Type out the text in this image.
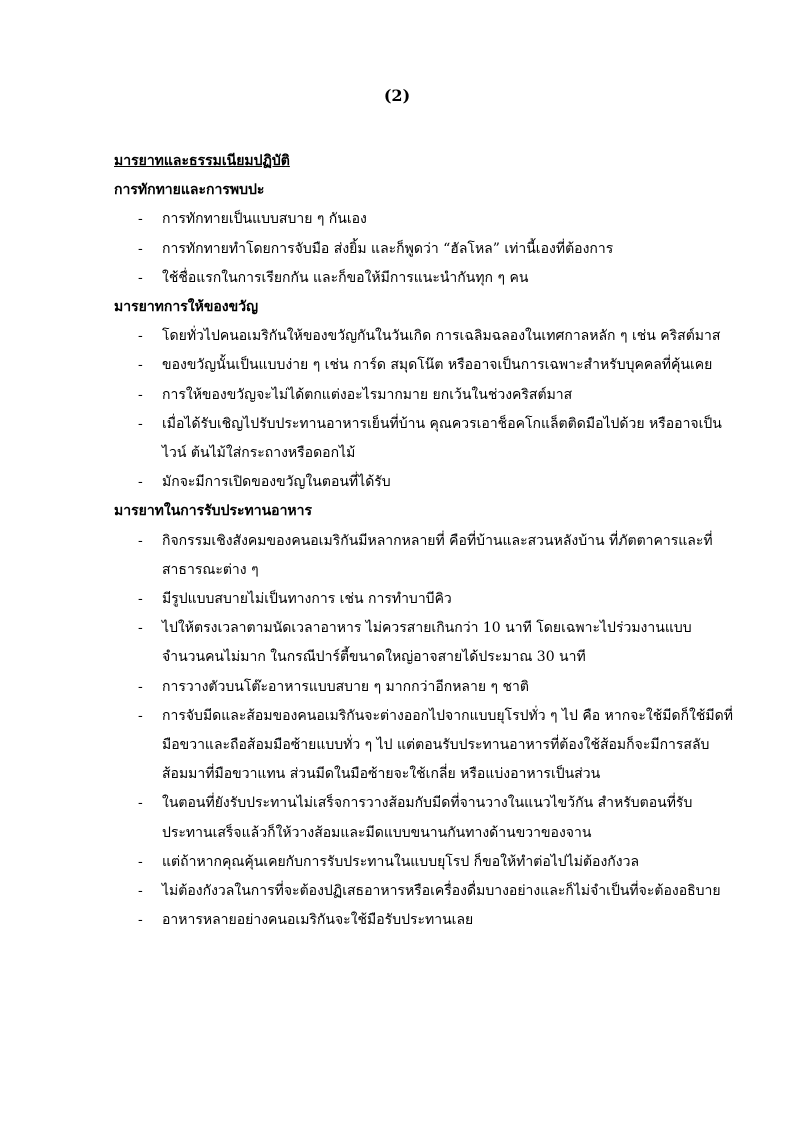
(2)
มารยาทและธรรมเนียมปฏิบัติ
การทักทายและการพบปะ
- การทักทายเป็นแบบสบาย ๆ กันเอง
- การทักทายทำโดยการจับมือ ส่งยิ้ม และก็พูดว่า “ฮัลโหล” เท่านี้เองที่ต้องการ
- ใช้ชื่อแรกในการเรียกกัน และก็ขอให้มีการแนะนำกันทุก ๆ คน
มารยาทการให้ของขวัญ
- โดยทั่วไปคนอเมริกันให้ของขวัญกันในวันเกิด การเฉลิมฉลองในเทศกาลหลัก ๆ เช่น คริสต์มาส
- ของขวัญนั้นเป็นแบบง่าย ๆ เช่น การ์ด สมุดโน๊ต หรืออาจเป็นการเฉพาะสำหรับบุคคลที่คุ้นเคย
- การให้ของขวัญจะไม่ได้ตกแต่งอะไรมากมาย ยกเว้นในช่วงคริสต์มาส
- เมื่อได้รับเชิญไปรับประทานอาหารเย็นที่บ้าน คุณควรเอาช็อคโกแล็ตติดมือไปด้วย หรืออาจเป็นไวน์ ต้นไม้ใส่กระถางหรือดอกไม้
- มักจะมีการเปิดของขวัญในตอนที่ได้รับ
มารยาทในการรับประทานอาหาร
- กิจกรรมเชิงสังคมของคนอเมริกันมีหลากหลายที่ คือที่บ้านและสวนหลังบ้าน ที่ภัตตาคารและที่สาธารณะต่าง ๆ
- มีรูปแบบสบายไม่เป็นทางการ เช่น การทำบาบีคิว
- ไปให้ตรงเวลาตามนัดเวลาอาหาร ไม่ควรสายเกินกว่า 10 นาที โดยเฉพาะไปร่วมงานแบบจำนวนคนไม่มาก ในกรณีปาร์ตี้ขนาดใหญ่อาจสายได้ประมาณ 30 นาที
- การวางตัวบนโต๊ะอาหารแบบสบาย ๆ มากกว่าอีกหลาย ๆ ชาติ
- การจับมีดและส้อมของคนอเมริกันจะต่างออกไปจากแบบยุโรปทั่ว ๆ ไป คือ หากจะใช้มีดก็ใช้มีดที่มือขวาและถือส้อมมือซ้ายแบบทั่ว ๆ ไป แต่ตอนรับประทานอาหารที่ต้องใช้ส้อมก็จะมีการสลับส้อมมาที่มือขวาแทน ส่วนมีดในมือซ้ายจะใช้เกลี่ย หรือแบ่งอาหารเป็นส่วน
- ในตอนที่ยังรับประทานไม่เสร็จการวางส้อมกับมีดที่จานวางในแนวไขว้กัน สำหรับตอนที่รับประทานเสร็จแล้วก็ให้วางส้อมและมีดแบบขนานกันทางด้านขวาของจาน
- แต่ถ้าหากคุณคุ้นเคยกับการรับประทานในแบบยุโรป ก็ขอให้ทำต่อไปไม่ต้องกังวล
- ไม่ต้องกังวลในการที่จะต้องปฏิเสธอาหารหรือเครื่องดื่มบางอย่างและก็ไม่จำเป็นที่จะต้องอธิบาย
- อาหารหลายอย่างคนอเมริกันจะใช้มือรับประทานเลย
